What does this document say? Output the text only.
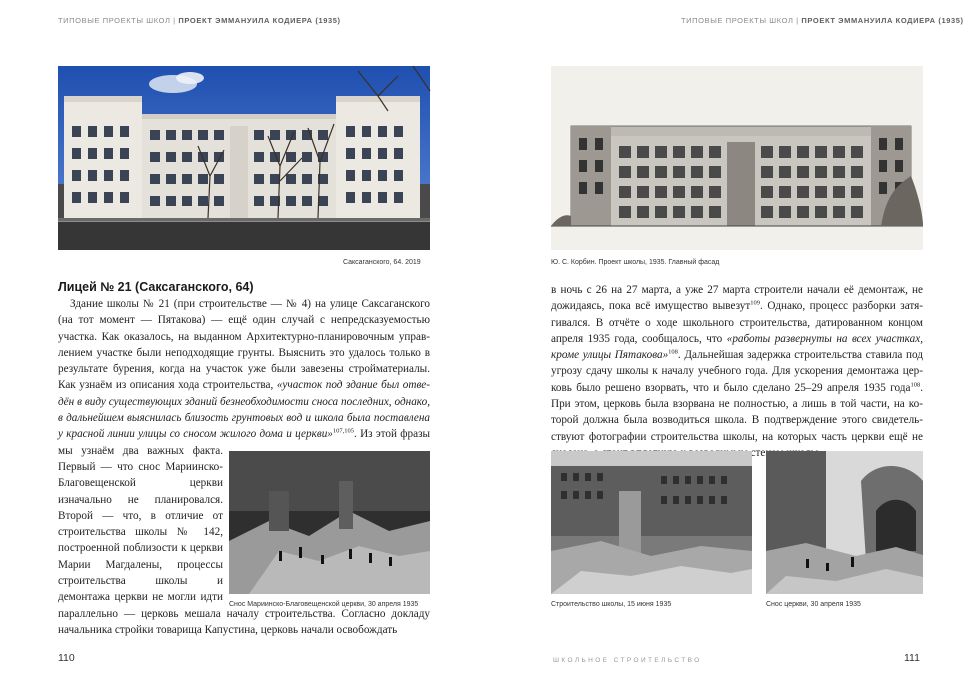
ТИПОВЫЕ ПРОЕКТЫ ШКОЛ | ПРОЕКТ ЭММАНУИЛА КОДИЕРА (1935)
Саксаганского, 64. 2019
Лицей № 21 (Саксаганского, 64)

Здание школы № 21 (при строительстве — № 4) на улице Саксаганского (на тот момент — Пятакова) — ещё один случай с непредсказуемостью участка. Как оказалось, на выданном Архитектурно-планировочным управлением участке были неподходящие грунты. Выяснить это удалось только в результате бурения, когда на участок уже были завезены стройматериалы. Как узнаём из описания хода строительства, «участок под здание был отведён в виду существующих зданий безнеобходимости сноса последних, однако, в дальнейшем выяснилась близость грунтовых вод и школа была поставлена у красной линии улицы со сносом жилого дома и церкви»$^{107,105}$. Из этой фразы мы узнаём два важных факта. Первый — что снос Мариинско-Благовещенской церкви изначально не планировался. Второй — что, в отличие от строительства школы № 142, построенной поблизости к церкви Марии Магдалены, процессы строительства школы и демонтажа церкви не могли идти параллельно — церковь мешала началу строительства. Согласно докладу начальника стройки товарища Капустина, церковь начали освобождать

Снос Мариинско-Благовещенской церкви, 30 апреля 1935
110
ТИПОВЫЕ ПРОЕКТЫ ШКОЛ | ПРОЕКТ ЭММАНУИЛА КОДИЕРА (1935)
Ю. С. Корбин. Проект школы, 1935. Главный фасад

в ночь с 26 на 27 марта, а уже 27 марта строители начали её демонтаж, не дожидаясь, пока всё имущество вывезут$^{109}$. Однако, процесс разборки затягивался. В отчёте о ходе школьного строительства, датированном концом апреля 1935 года, сообщалось, что «работы развернуты на всех участках, кроме улицы Пятакова»$^{108}$. Дальнейшая задержка строительства ставила под угрозу сдачу школы к началу учебного года. Для ускорения демонтажа церковь было решено взорвать, что и было сделано 25–29 апреля 1935 года$^{108}$. При этом, церковь была взорвана не полностью, а лишь в той части, на которой должна была возводиться школа. В подтверждение этого свидетельствуют фотографии строительства школы, на которых часть церкви ещё не

Строительство школы, 15 июня 1935	Снос церкви, 30 апреля 1935
ШКОЛЬНОЕ СТРОИТЕЛЬСТВО	111
